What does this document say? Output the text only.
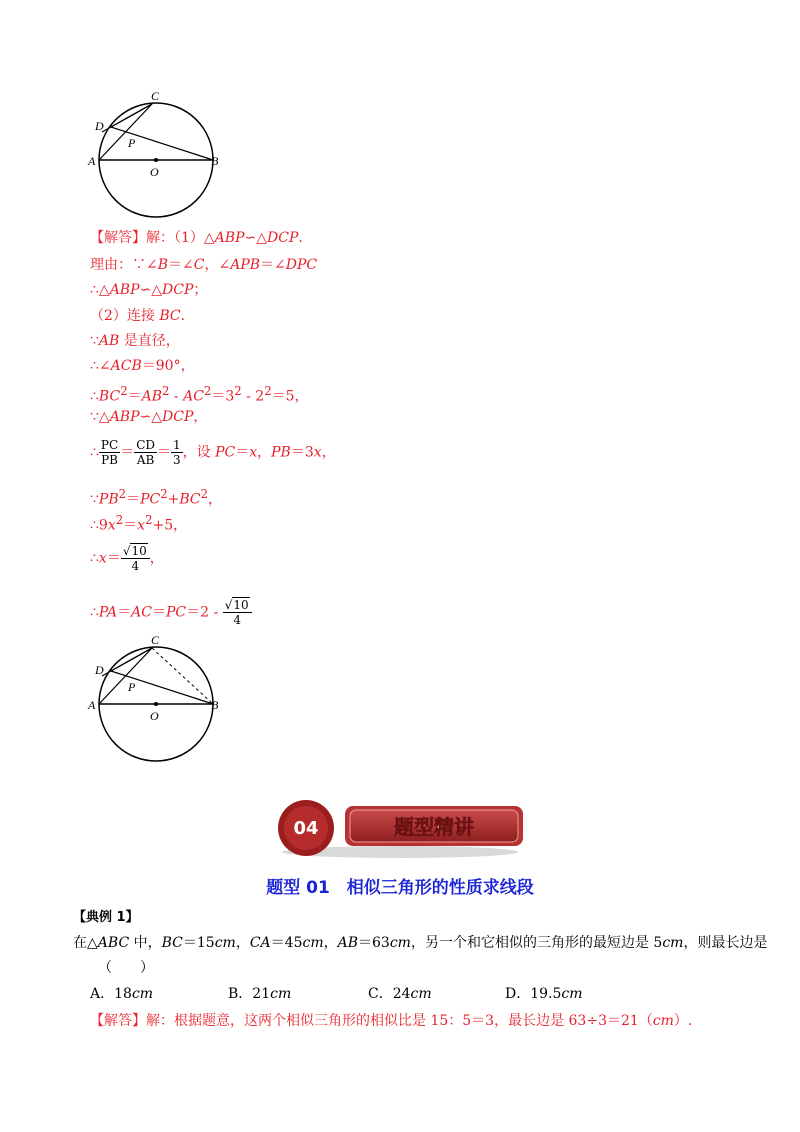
C
D
P
A
O
B
【解答】解：（1）△ABP∽△DCP.
理由：∵∠B＝∠C，∠APB＝∠DPC
∴△ABP∽△DCP；
（2）连接 BC.
∵AB 是直径，
∴∠ACB＝90°，
$\therefore BC^2=AB^2 - AC^2=3^2 - 2^2=5$，
∵△ABP∽△DCP，
∴ $\frac{PC}{PB} = \frac{CD}{AB} = \frac{1}{3}$ ，设 PC＝x，PB＝3x，
$\because PB^2=PC^2+BC^2$，
$\therefore 9x^2=x^2+5$，
∴x＝ $\frac{√10}{4}$ ，
∴PA＝AC＝PC＝2 - $\frac{√10}{4}$
C
D
P
A
O
B
04	题型精讲
题型 01　相似三角形的性质求线段
【典例 1】
在△ABC 中，BC＝15cm，CA＝45cm，AB＝63cm，另一个和它相似的三角形的最短边是 5cm，则最长边是
（　　）
A．18cm	B．21cm	C．24cm	D．19.5cm
【解答】解：根据题意，这两个相似三角形的相似比是 15：5＝3，最长边是 63÷3＝21（cm）.
